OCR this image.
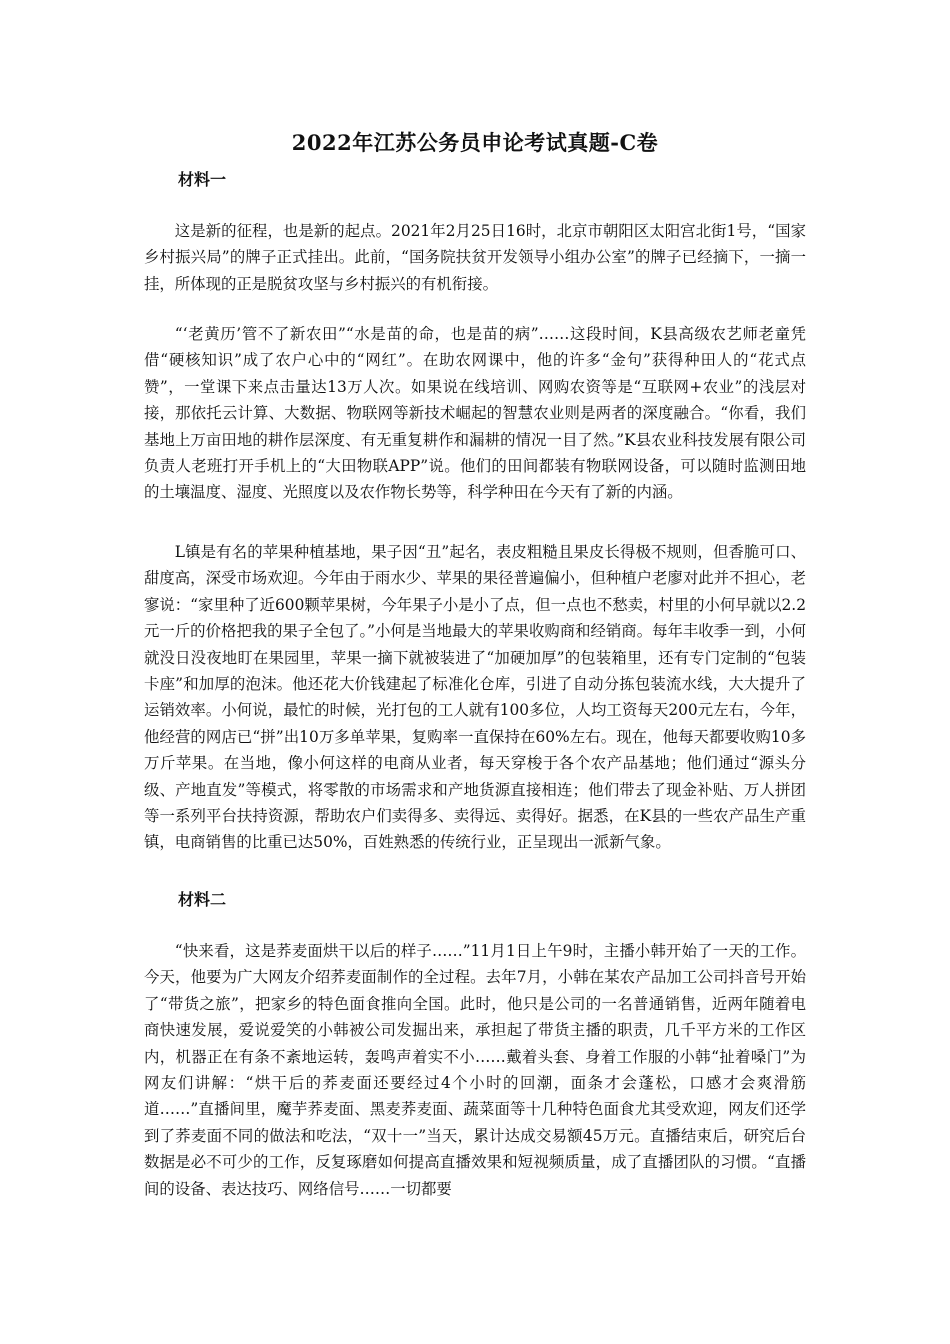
2022年江苏公务员申论考试真题-C卷
材料一

这是新的征程，也是新的起点。2021年2月25日16时，北京市朝阳区太阳宫北街1号，“国家乡村振兴局”的牌子正式挂出。此前，“国务院扶贫开发领导小组办公室”的牌子已经摘下，一摘一挂，所体现的正是脱贫攻坚与乡村振兴的有机衔接。

“‘老黄历’管不了新农田”“水是苗的命，也是苗的病”……这段时间，K县高级农艺师老童凭借“硬核知识”成了农户心中的“网红”。在助农网课中，他的许多“金句”获得种田人的“花式点赞”，一堂课下来点击量达13万人次。如果说在线培训、网购农资等是“互联网+农业”的浅层对接，那依托云计算、大数据、物联网等新技术崛起的智慧农业则是两者的深度融合。“你看，我们基地上万亩田地的耕作层深度、有无重复耕作和漏耕的情况一目了然。”K县农业科技发展有限公司负责人老班打开手机上的“大田物联APP”说。他们的田间都装有物联网设备，可以随时监测田地的土壤温度、湿度、光照度以及农作物长势等，科学种田在今天有了新的内涵。

L镇是有名的苹果种植基地，果子因“丑”起名，表皮粗糙且果皮长得极不规则，但香脆可口、甜度高，深受市场欢迎。今年由于雨水少、苹果的果径普遍偏小，但种植户老廖对此并不担心，老寥说：“家里种了近600颗苹果树，今年果子小是小了点，但一点也不愁卖，村里的小何早就以2.2元一斤的价格把我的果子全包了。”小何是当地最大的苹果收购商和经销商。每年丰收季一到，小何就没日没夜地盯在果园里，苹果一摘下就被装进了“加硬加厚”的包装箱里，还有专门定制的“包装卡座”和加厚的泡沫。他还花大价钱建起了标准化仓库，引进了自动分拣包装流水线，大大提升了运销效率。小何说，最忙的时候，光打包的工人就有100多位，人均工资每天200元左右，今年，他经营的网店已“拼”出10万多单苹果，复购率一直保持在60%左右。现在，他每天都要收购10多万斤苹果。在当地，像小何这样的电商从业者，每天穿梭于各个农产品基地；他们通过“源头分级、产地直发”等模式，将零散的市场需求和产地货源直接相连；他们带去了现金补贴、万人拼团等一系列平台扶持资源，帮助农户们卖得多、卖得远、卖得好。据悉，在K县的一些农产品生产重镇，电商销售的比重已达50%，百姓熟悉的传统行业，正呈现出一派新气象。

材料二

“快来看，这是荞麦面烘干以后的样子……”11月1日上午9时，主播小韩开始了一天的工作。今天，他要为广大网友介绍荞麦面制作的全过程。去年7月，小韩在某农产品加工公司抖音号开始了“带货之旅”，把家乡的特色面食推向全国。此时，他只是公司的一名普通销售，近两年随着电商快速发展，爱说爱笑的小韩被公司发掘出来，承担起了带货主播的职责，几千平方米的工作区内，机器正在有条不紊地运转，轰鸣声着实不小……戴着头套、身着工作服的小韩“扯着嗓门”为网友们讲解：“烘干后的荞麦面还要经过4个小时的回潮，面条才会蓬松，口感才会爽滑筋道……”直播间里，魔芋荞麦面、黑麦荞麦面、蔬菜面等十几种特色面食尤其受欢迎，网友们还学到了荞麦面不同的做法和吃法，“双十一”当天，累计达成交易额45万元。直播结束后，研究后台数据是必不可少的工作，反复琢磨如何提高直播效果和短视频质量，成了直播团队的习惯。“直播间的设备、表达技巧、网络信号……一切都要
